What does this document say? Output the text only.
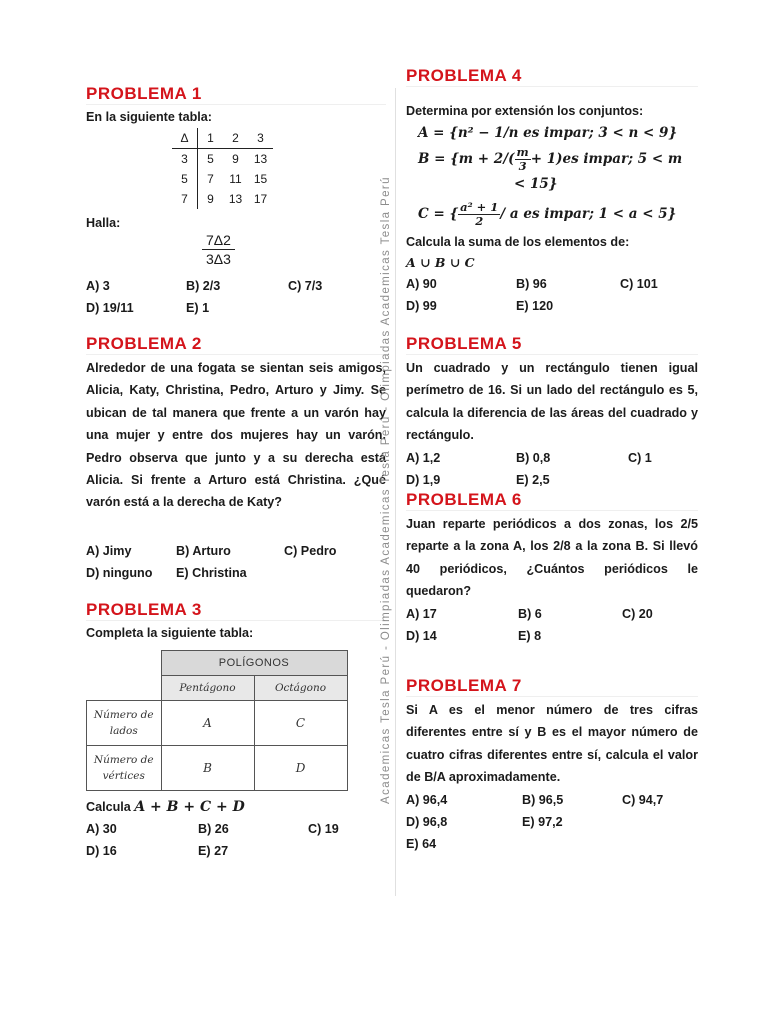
PROBLEMA 1

En la siguiente tabla:

Δ	1	2	3
3	5	9	13
5	7	11	15
7	9	13	17

Halla:

$\frac{7\Delta 2}{3\Delta 3}$
A) 3	B) 2/3	C) 7/3
D) 19/11	E) 1
PROBLEMA 2

Alrededor de una fogata se sientan seis amigos, Alicia, Katy, Christina, Pedro, Arturo y Jimy. Se ubican de tal manera que frente a un varón hay una mujer y entre dos mujeres hay un varón. Pedro observa que junto y a su derecha está Alicia. Si frente a Arturo está Christina. ¿Qué varón está a la derecha de Katy?

A) Jimy	B) Arturo	C) Pedro
D) ninguno E) Christina
PROBLEMA 3

Completa la siguiente tabla:

	POLÍGONOS	
	Pentágono	Octágono

Número de
lados	A	C

Número de
vértices	B	D

Calcula A + B + C + D

A) 30	B) 26	C) 19
D) 16	E) 27
Academicas Tesla Perú - Olimpiadas Academicas Tesla Perú - Olimpiadas Academicas Tesla Perú
PROBLEMA 4

Determina por extensión los conjuntos:

A = {n² − 1/n es impar; 3 < n < 9}
$B = \{m + 2/( \frac{m}{3} + 1)es$ impar; 5 < m
< 15}
C = { $\frac{\text{a² + 1}}{2}$ / a es impar; 1 < a < 5}

Calcula la suma de los elementos de:

A ∪ B ∪ C
A) 90	B) 96	C) 101
D) 99	E) 120
PROBLEMA 5

Un cuadrado y un rectángulo tienen igual perímetro de 16. Si un lado del rectángulo es 5, calcula la diferencia de las áreas del cuadrado y rectángulo.

A) 1,2	B) 0,8	C) 1
D) 1,9	E) 2,5
PROBLEMA 6

Juan reparte periódicos a dos zonas, los 2/5 reparte a la zona A, los 2/8 a la zona B. Si llevó 40 periódicos, ¿Cuántos periódicos le quedaron?

A) 17	B) 6	C) 20
D) 14	E) 8
PROBLEMA 7

Si A es el menor número de tres cifras diferentes entre sí y B es el mayor número de cuatro cifras diferentes entre sí, calcula el valor de B/A aproximadamente.

A) 96,4	B) 96,5	C) 94,7
D) 96,8	E) 97,2
E) 64
